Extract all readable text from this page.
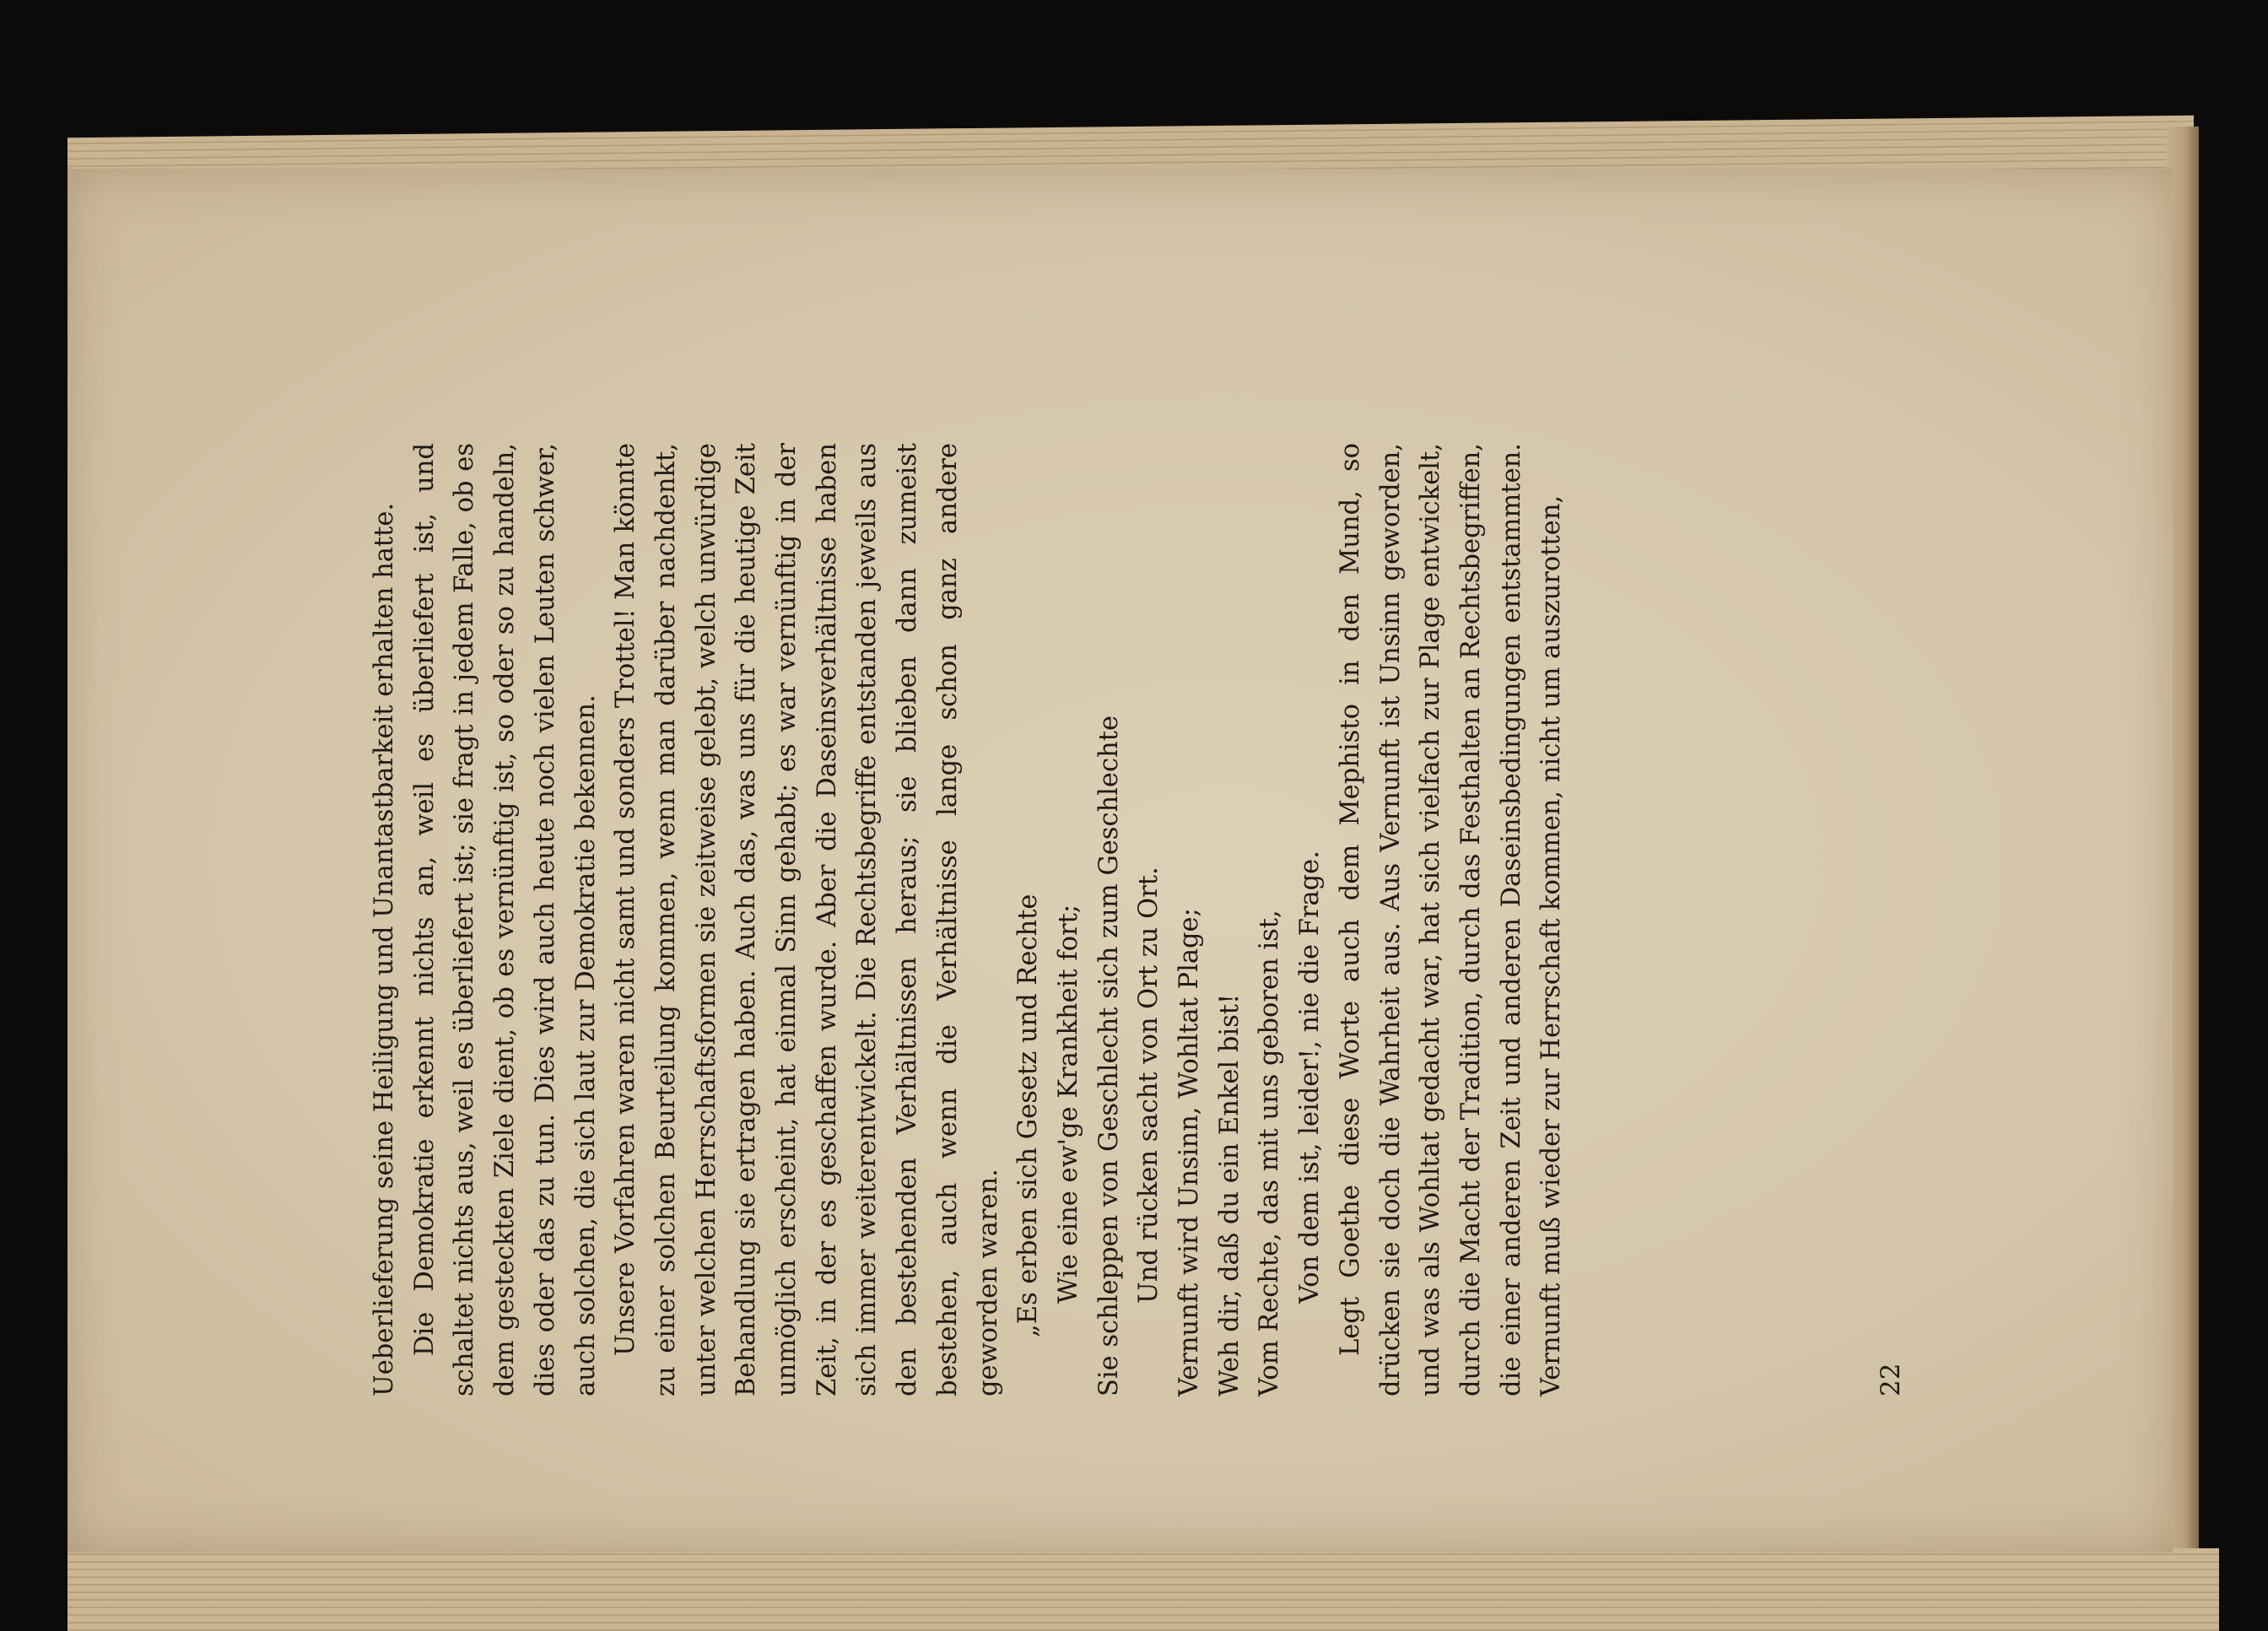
Ueberlieferung seine Heiligung und Unantastbarkeit erhalten hatte. Die Demokratie erkennt nichts an, weil es überliefert ist, und schaltet nichts aus, weil es überliefert ist; sie fragt in jedem Falle, ob es dem gesteckten Ziele dient, ob es vernünftig ist, so oder so zu handeln, dies oder das zu tun. Dies wird auch heute noch vielen Leuten schwer, auch solchen, die sich laut zur Demokratie bekennen. Unsere Vorfahren waren nicht samt und sonders Trottel! Man könnte zu einer solchen Beurteilung kommen, wenn man darüber nachdenkt, unter welchen Herrschaftsformen sie zeitweise gelebt, welch unwürdige Behandlung sie ertragen haben. Auch das, was uns für die heutige Zeit unmöglich erscheint, hat einmal Sinn gehabt; es war vernünftig in der Zeit, in der es geschaffen wurde. Aber die Daseinsverhältnisse haben sich immer weiterentwickelt. Die Rechtsbegriffe entstanden jeweils aus den bestehenden Verhältnissen heraus; sie blieben dann zumeist bestehen, auch wenn die Verhältnisse lange schon ganz andere geworden waren. „Es erben sich Gesetz und Rechte Wie eine ew'ge Krankheit fort; Sie schleppen von Geschlecht sich zum Geschlechte Und rücken sacht von Ort zu Ort. Vernunft wird Unsinn, Wohltat Plage; Weh dir, daß du ein Enkel bist! Vom Rechte, das mit uns geboren ist, Von dem ist, leider!, nie die Frage. Legt Goethe diese Worte auch dem Mephisto in den Mund, so drücken sie doch die Wahrheit aus. Aus Vernunft ist Unsinn geworden, und was als Wohltat gedacht war, hat sich vielfach zur Plage entwickelt, durch die Macht der Tradition, durch das Festhalten an Rechtsbegriffen, die einer anderen Zeit und anderen Daseinsbedingungen entstammten. Vernunft muß wieder zur Herrschaft kommen, nicht um auszurotten,	22
